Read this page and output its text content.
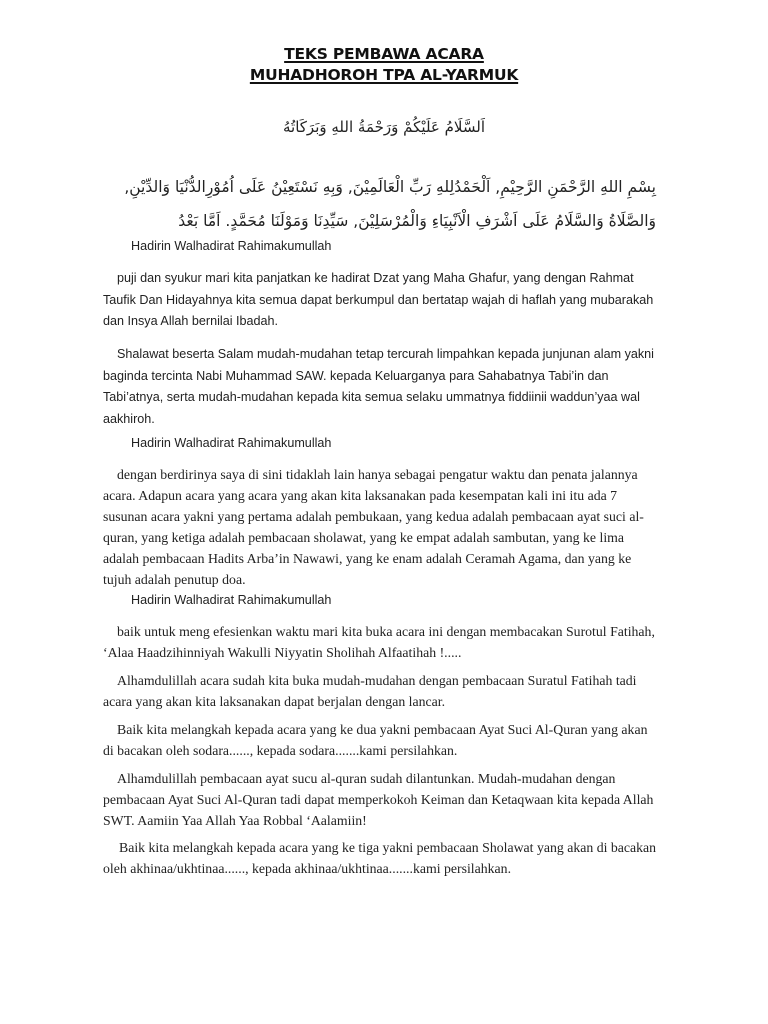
TEKS PEMBAWA ACARA
MUHADHOROH TPA AL-YARMUK
اَلسَّلَامُ عَلَيْكُمْ وَرَحْمَةُ اللهِ وَبَرَكَاتُهُ
بِسْمِ اللهِ الرَّحْمَنِ الرَّحِيْمِ, اَلْحَمْدُلِلهِ رَبِّ الْعَالَمِيْنَ, وَبِهِ نَسْتَعِيْنُ عَلَى اُمُوْرِالدُّنْيَا وَالدِّيْنِ,
وَالصَّلَاةُ وَالسَّلَامُ عَلَى اَشْرَفِ الْاَنْبِيَاءِ وَالْمُرْسَلِيْنَ, سَيِّدِنَا وَمَوْلَنَا مُحَمَّدٍ. اَمَّا بَعْدُ

Hadirin Walhadirat Rahimakumullah

puji dan syukur mari kita panjatkan ke hadirat Dzat yang Maha Ghafur, yang dengan Rahmat Taufik Dan Hidayahnya kita semua dapat berkumpul dan bertatap wajah di haflah yang mubarakah dan Insya Allah bernilai Ibadah.

Shalawat beserta Salam mudah-mudahan tetap tercurah limpahkan kepada junjunan alam yakni baginda tercinta Nabi Muhammad SAW. kepada Keluarganya para Sahabatnya Tabi’in dan Tabi’atnya, serta mudah-mudahan kepada kita semua selaku ummatnya fiddiinii waddun’yaa wal aakhiroh.

Hadirin Walhadirat Rahimakumullah

dengan berdirinya saya di sini tidaklah lain hanya sebagai pengatur waktu dan penata jalannya acara. Adapun acara yang acara yang akan kita laksanakan pada kesempatan kali ini itu ada 7 susunan acara yakni yang pertama adalah pembukaan, yang kedua adalah pembacaan ayat suci al-quran, yang ketiga adalah pembacaan sholawat, yang ke empat adalah sambutan, yang ke lima adalah pembacaan Hadits Arba’in Nawawi, yang ke enam adalah Ceramah Agama, dan yang ke tujuh adalah penutup doa.

Hadirin Walhadirat Rahimakumullah

baik untuk meng efesienkan waktu mari kita buka acara ini dengan membacakan Surotul Fatihah, ‘Alaa Haadzihinniyah Wakulli Niyyatin Sholihah Alfaatihah !.....

Alhamdulillah acara sudah kita buka mudah-mudahan dengan pembacaan Suratul Fatihah tadi acara yang akan kita laksanakan dapat berjalan dengan lancar.

Baik kita melangkah kepada acara yang ke dua yakni pembacaan Ayat Suci Al-Quran yang akan di bacakan oleh sodara......, kepada sodara.......kami persilahkan.

Alhamdulillah pembacaan ayat sucu al-quran sudah dilantunkan. Mudah-mudahan dengan pembacaan Ayat Suci Al-Quran tadi dapat memperkokoh Keiman dan Ketaqwaan kita kepada Allah SWT. Aamiin Yaa Allah Yaa Robbal ‘Aalamiin!

Baik kita melangkah kepada acara yang ke tiga yakni pembacaan Sholawat yang akan di bacakan oleh akhinaa/ukhtinaa......, kepada akhinaa/ukhtinaa.......kami persilahkan.
